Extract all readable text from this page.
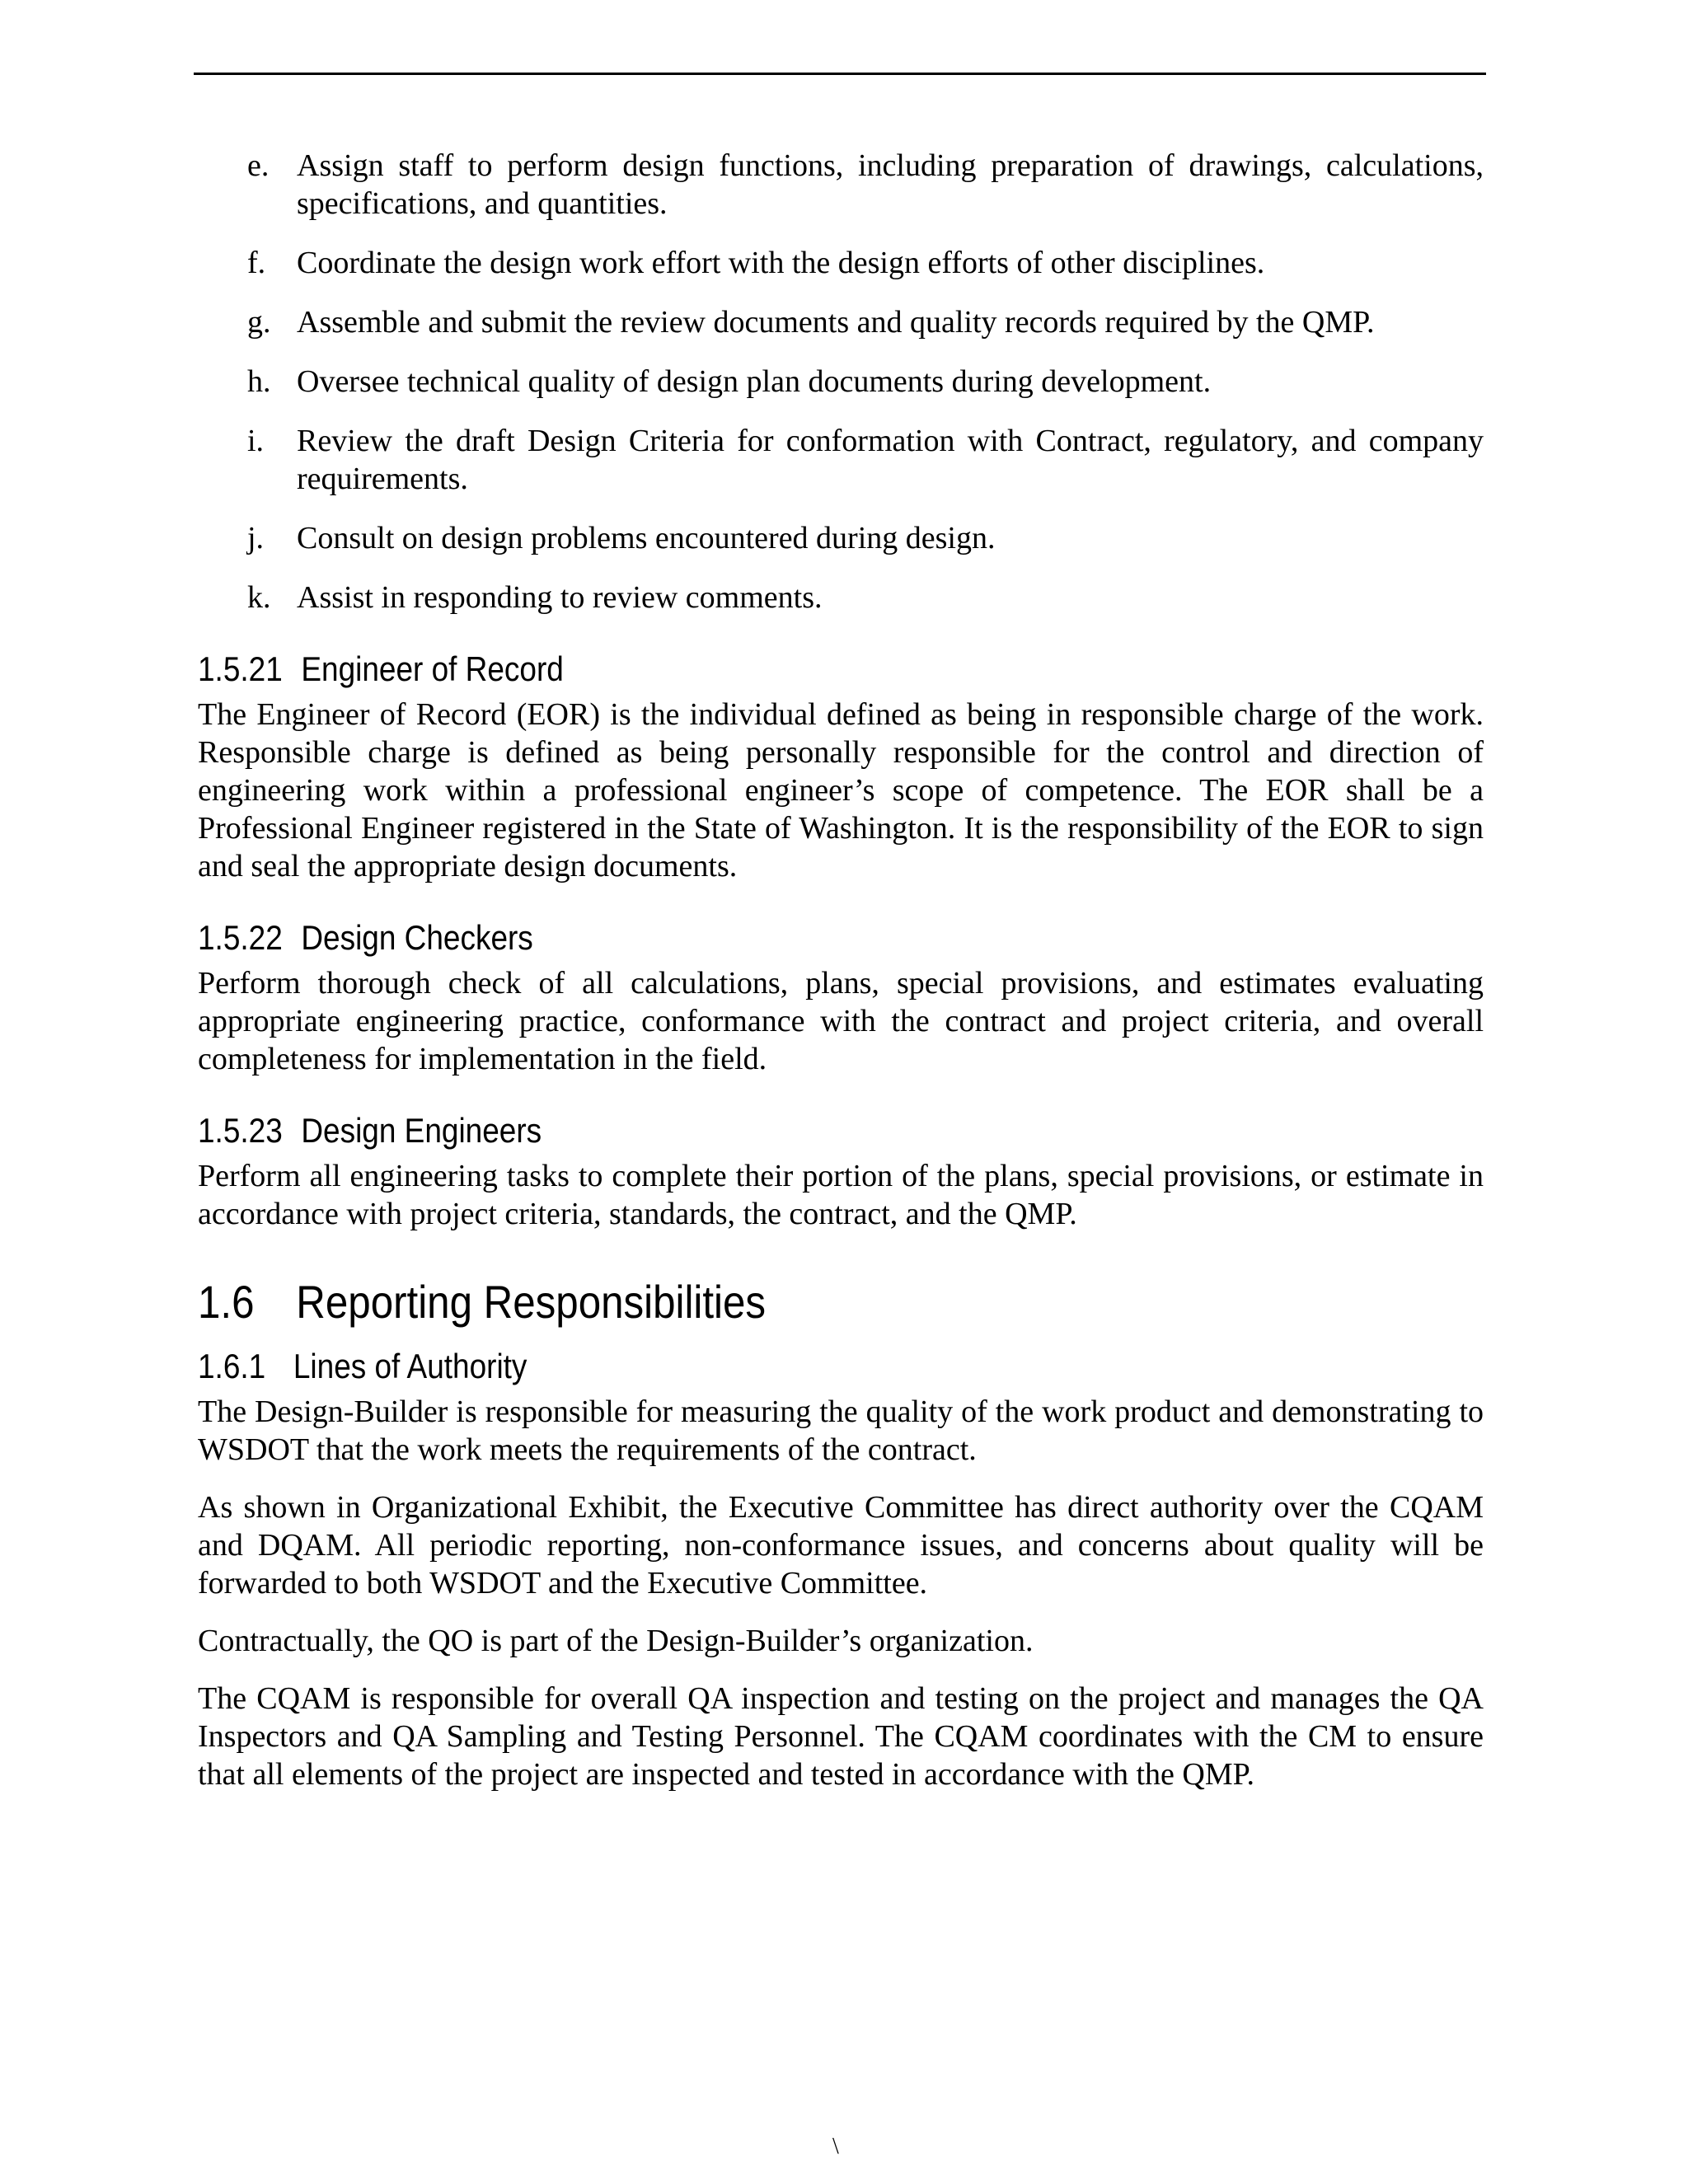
e. Assign staff to perform design functions, including preparation of drawings, calculations, specifications, and quantities.
f. Coordinate the design work effort with the design efforts of other disciplines.
g. Assemble and submit the review documents and quality records required by the QMP.
h. Oversee technical quality of design plan documents during development.
i.	Review the draft Design Criteria for conformation with Contract, regulatory, and company requirements.
j.	Consult on design problems encountered during design.
k. Assist in responding to review comments.
1.5.21 Engineer of Record

The Engineer of Record (EOR) is the individual defined as being in responsible charge of the work. Responsible charge is defined as being personally responsible for the control and direction of engineering work within a professional engineer’s scope of competence. The EOR shall be a Professional Engineer registered in the State of Washington. It is the responsibility of the EOR to sign and seal the appropriate design documents.

1.5.22 Design Checkers

Perform thorough check of all calculations, plans, special provisions, and estimates evaluating appropriate engineering practice, conformance with the contract and project criteria, and overall completeness for implementation in the field.

1.5.23 Design Engineers

Perform all engineering tasks to complete their portion of the plans, special provisions, or estimate in accordance with project criteria, standards, the contract, and the QMP.

1.6 Reporting Responsibilities
1.6.1 Lines of Authority

The Design-Builder is responsible for measuring the quality of the work product and demonstrating to WSDOT that the work meets the requirements of the contract.

As shown in Organizational Exhibit, the Executive Committee has direct authority over the CQAM and DQAM. All periodic reporting, non-conformance issues, and concerns about quality will be forwarded to both WSDOT and the Executive Committee.

Contractually, the QO is part of the Design-Builder’s organization.

The CQAM is responsible for overall QA inspection and testing on the project and manages the QA Inspectors and QA Sampling and Testing Personnel. The CQAM coordinates with the CM to ensure that all elements of the project are inspected and tested in accordance with the QMP.

\
